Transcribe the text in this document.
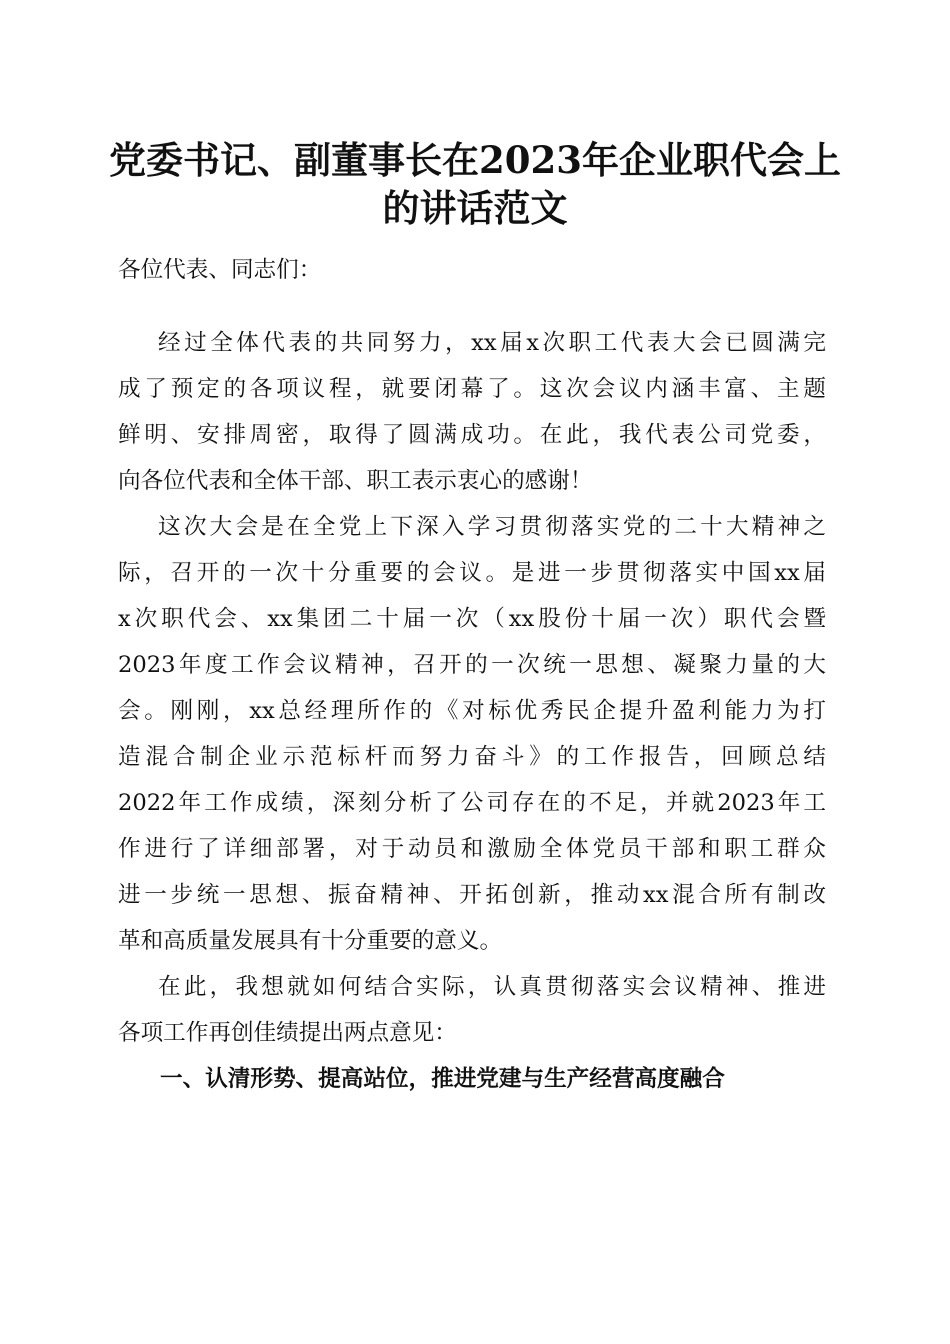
党委书记、副董事长在2023年企业职代会上
的讲话范文
各位代表、同志们：
经过全体代表的共同努力，xx届x次职工代表大会已圆满完
成了预定的各项议程，就要闭幕了。这次会议内涵丰富、主题
鲜明、安排周密，取得了圆满成功。在此，我代表公司党委，
向各位代表和全体干部、职工表示衷心的感谢！
这次大会是在全党上下深入学习贯彻落实党的二十大精神之
际，召开的一次十分重要的会议。是进一步贯彻落实中国xx届
x次职代会、xx集团二十届一次（xx股份十届一次）职代会暨
2023年度工作会议精神，召开的一次统一思想、凝聚力量的大
会。刚刚，xx总经理所作的《对标优秀民企提升盈利能力为打
造混合制企业示范标杆而努力奋斗》的工作报告，回顾总结
2022年工作成绩，深刻分析了公司存在的不足，并就2023年工
作进行了详细部署，对于动员和激励全体党员干部和职工群众
进一步统一思想、振奋精神、开拓创新，推动xx混合所有制改
革和高质量发展具有十分重要的意义。
在此，我想就如何结合实际，认真贯彻落实会议精神、推进
各项工作再创佳绩提出两点意见：
一、认清形势、提高站位，推进党建与生产经营高度融合
